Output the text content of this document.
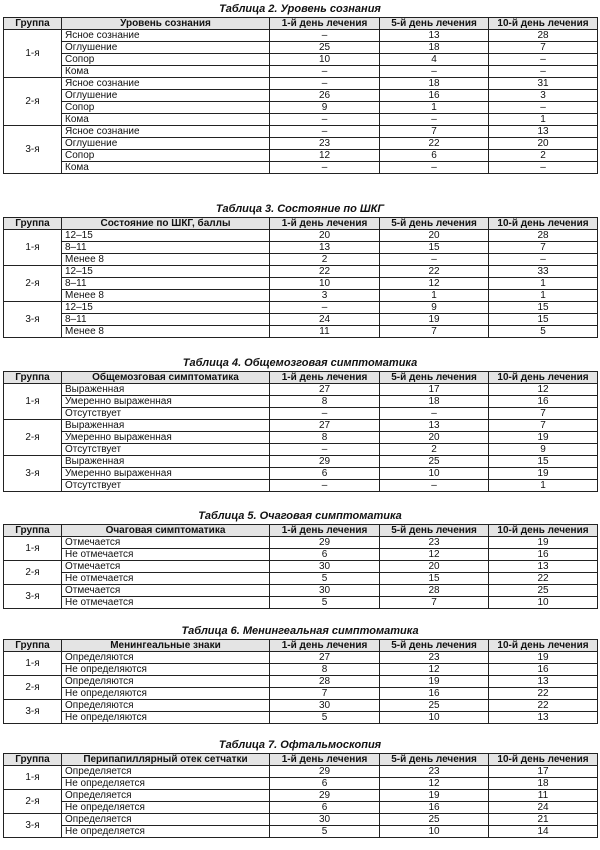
Таблица 2. Уровень сознания
Группа	Уровень сознания	1-й день лечения	5-й день лечения	10-й день лечения
1-я	Ясное сознание	–	13	28
	Оглушение	25	18	7
	Сопор	10	4	–
	Кома	–	–	–
2-я	Ясное сознание	–	18	31
	Оглушение	26	16	3
	Сопор	9	1	–
	Кома	–	–	1
3-я	Ясное сознание	–	7	13
	Оглушение	23	22	20
	Сопор	12	6	2
	Кома	–	–	–
Таблица 3. Состояние по ШКГ
Группа	Состояние по ШКГ, баллы	1-й день лечения	5-й день лечения	10-й день лечения
1-я	12–15	20	20	28
	8–11	13	15	7
	Менее 8	2	–	–
2-я	12–15	22	22	33
	8–11	10	12	1
	Менее 8	3	1	1
3-я	12–15	–	9	15
	8–11	24	19	15
	Менее 8	11	7	5
Таблица 4. Общемозговая симптоматика
Группа	Общемозговая симптоматика	1-й день лечения	5-й день лечения	10-й день лечения
1-я	Выраженная	27	17	12
	Умеренно выраженная	8	18	16
	Отсутствует	–	–	7
2-я	Выраженная	27	13	7
	Умеренно выраженная	8	20	19
	Отсутствует	–	2	9
3-я	Выраженная	29	25	15
	Умеренно выраженная	6	10	19
	Отсутствует	–	–	1
Таблица 5. Очаговая симптоматика
Группа	Очаговая симптоматика	1-й день лечения	5-й день лечения	10-й день лечения
1-я	Отмечается	29	23	19
	Не отмечается	6	12	16
2-я	Отмечается	30	20	13
	Не отмечается	5	15	22
3-я	Отмечается	30	28	25
	Не отмечается	5	7	10
Таблица 6. Менингеальная симптоматика
Группа	Менингеальные знаки	1-й день лечения	5-й день лечения	10-й день лечения
1-я	Определяются	27	23	19
	Не определяются	8	12	16
2-я	Определяются	28	19	13
	Не определяются	7	16	22
3-я	Определяются	30	25	22
	Не определяются	5	10	13
Таблица 7. Офтальмоскопия
Группа	Перипапиллярный отек сетчатки	1-й день лечения	5-й день лечения	10-й день лечения
1-я	Определяется	29	23	17
	Не определяется	6	12	18
2-я	Определяется	29	19	11
	Не определяется	6	16	24
3-я	Определяется	30	25	21
	Не определяется	5	10	14
